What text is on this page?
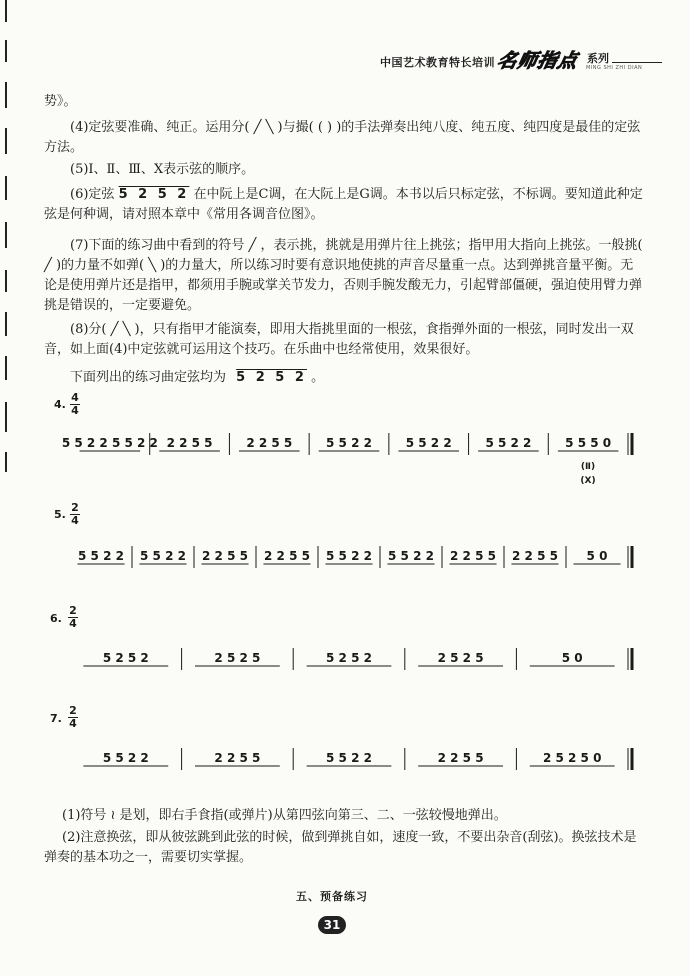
中国艺术教育特长培训 名师指点 系列
MING SHI ZHI DIAN

势》。

(4)定弦要准确、纯正。运用分( ╱ ╲ )与撮( ( ) )的手法弹奏出纯八度、纯五度、纯四度是最佳的定弦方法。

(5)Ⅰ、Ⅱ、Ⅲ、Ⅹ表示弦的顺序。

(6)定弦 5 2 5 2 在中阮上是C调，在大阮上是G调。本书以后只标定弦，不标调。要知道此种定弦是何种调，请对照本章中《常用各调音位图》。

(7)下面的练习曲中看到的符号 ╱ ，表示挑，挑就是用弹片往上挑弦；指甲用大指向上挑弦。一般挑( ╱ )的力量不如弹( ╲ )的力量大，所以练习时要有意识地使挑的声音尽量重一点。达到弹挑音量平衡。无论是使用弹片还是指甲，都须用手腕或掌关节发力，否则手腕发酸无力，引起臂部僵硬，强迫使用臂力弹挑是错误的，一定要避免。

(8)分( ╱ ╲ )，只有指甲才能演奏，即用大指挑里面的一根弦，食指弹外面的一根弦，同时发出一双音，如上面(4)中定弦就可运用这个技巧。在乐曲中也经常使用，效果很好。

下面列出的练习曲定弦均为 5 2 5 2 。
4.
4
4
5.
2
4
6.
2
4
7.
2
4
5 5 2 2 5 5 2 2 2 2 5 5	2 2 5 5	5 5 2 2	5 5 2 2	5 5 2 2	5 5 5 0
(Ⅱ)
(Ⅹ)
5 5 2 2 5 5 2 2 2 2 5 5 2 2 5 5 5 5 2 2 5 5 2 2 2 2 5 5 2 2 5 5 5 0
5 2 5 2	2 5 2 5	5 2 5 2	2 5 2 5	5 0
5 5 2 2	2 2 5 5	5 5 2 2	2 2 5 5	2 5 2 5 0

(1)符号 ≀ 是划，即右手食指(或弹片)从第四弦向第三、二、一弦较慢地弹出。

(2)注意换弦，即从彼弦跳到此弦的时候，做到弹挑自如，速度一致，不要出杂音(刮弦)。换弦技术是弹奏的基本功之一，需要切实掌握。

五、预备练习
31
